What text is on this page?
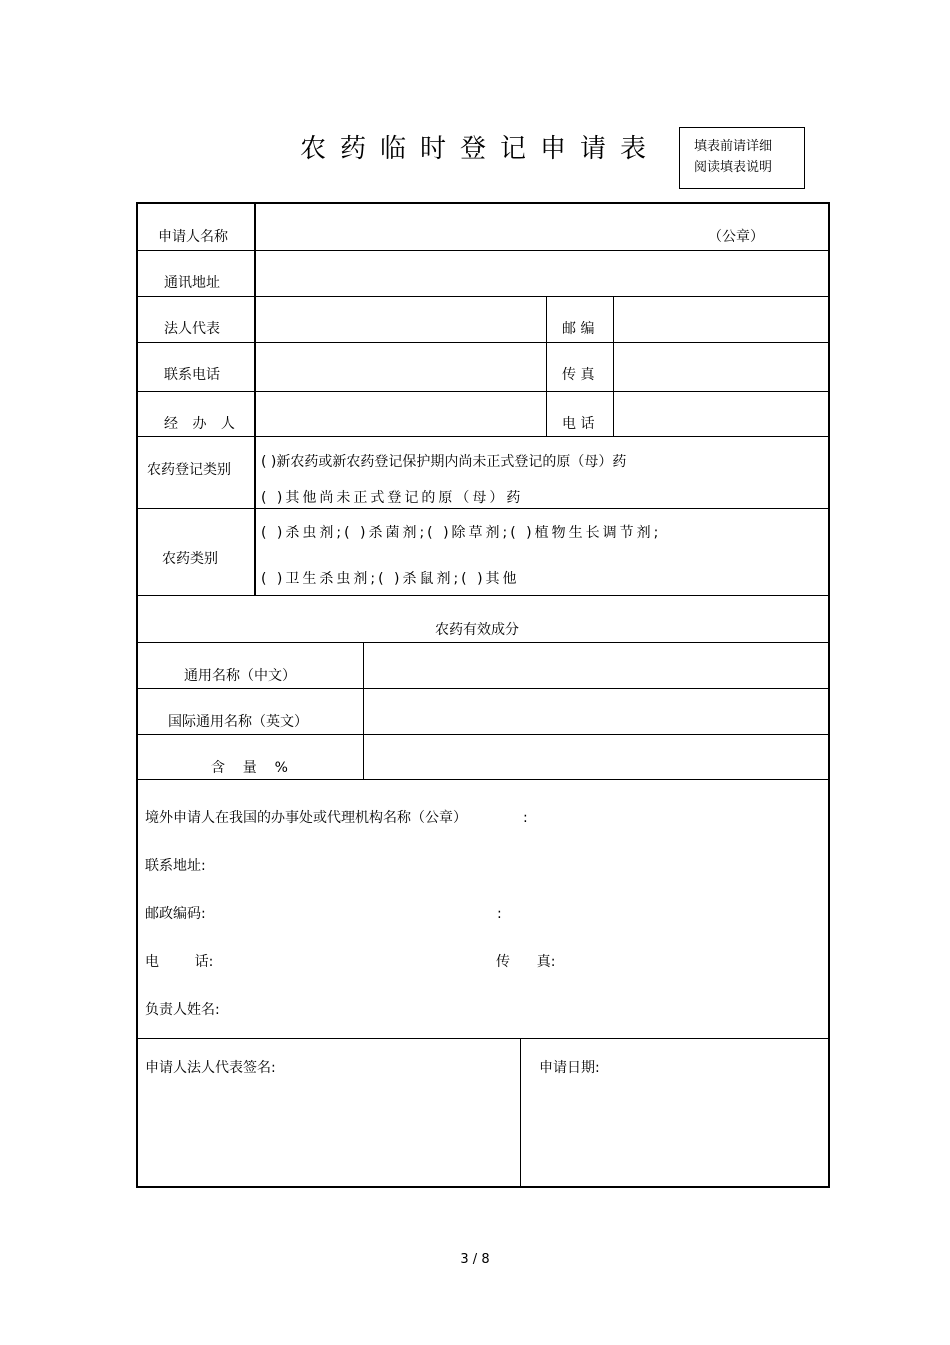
农药临时登记申请表	填表前请详细
阅读填表说明
申请人名称	（公章）
通讯地址
法人代表	邮 编
联系电话	传 真
经 办 人	电 话
农药登记类别 ( )新农药或新农药登记保护期内尚未正式登记的原（母）药
( )其他尚未正式登记的原（母）药
农药类别
( )杀虫剂;( )杀菌剂;( )除草剂;( )植物生长调节剂;
( )卫生杀虫剂;( )杀鼠剂;( )其他
农药有效成分
通用名称（中文）
国际通用名称（英文）
含    量    %
境外申请人在我国的办事处或代理机构名称（公章）	:
联系地址:
邮政编码:	:
电        话:	传      真:
负责人姓名:
申请人法人代表签名:	申请日期:
3 / 8
